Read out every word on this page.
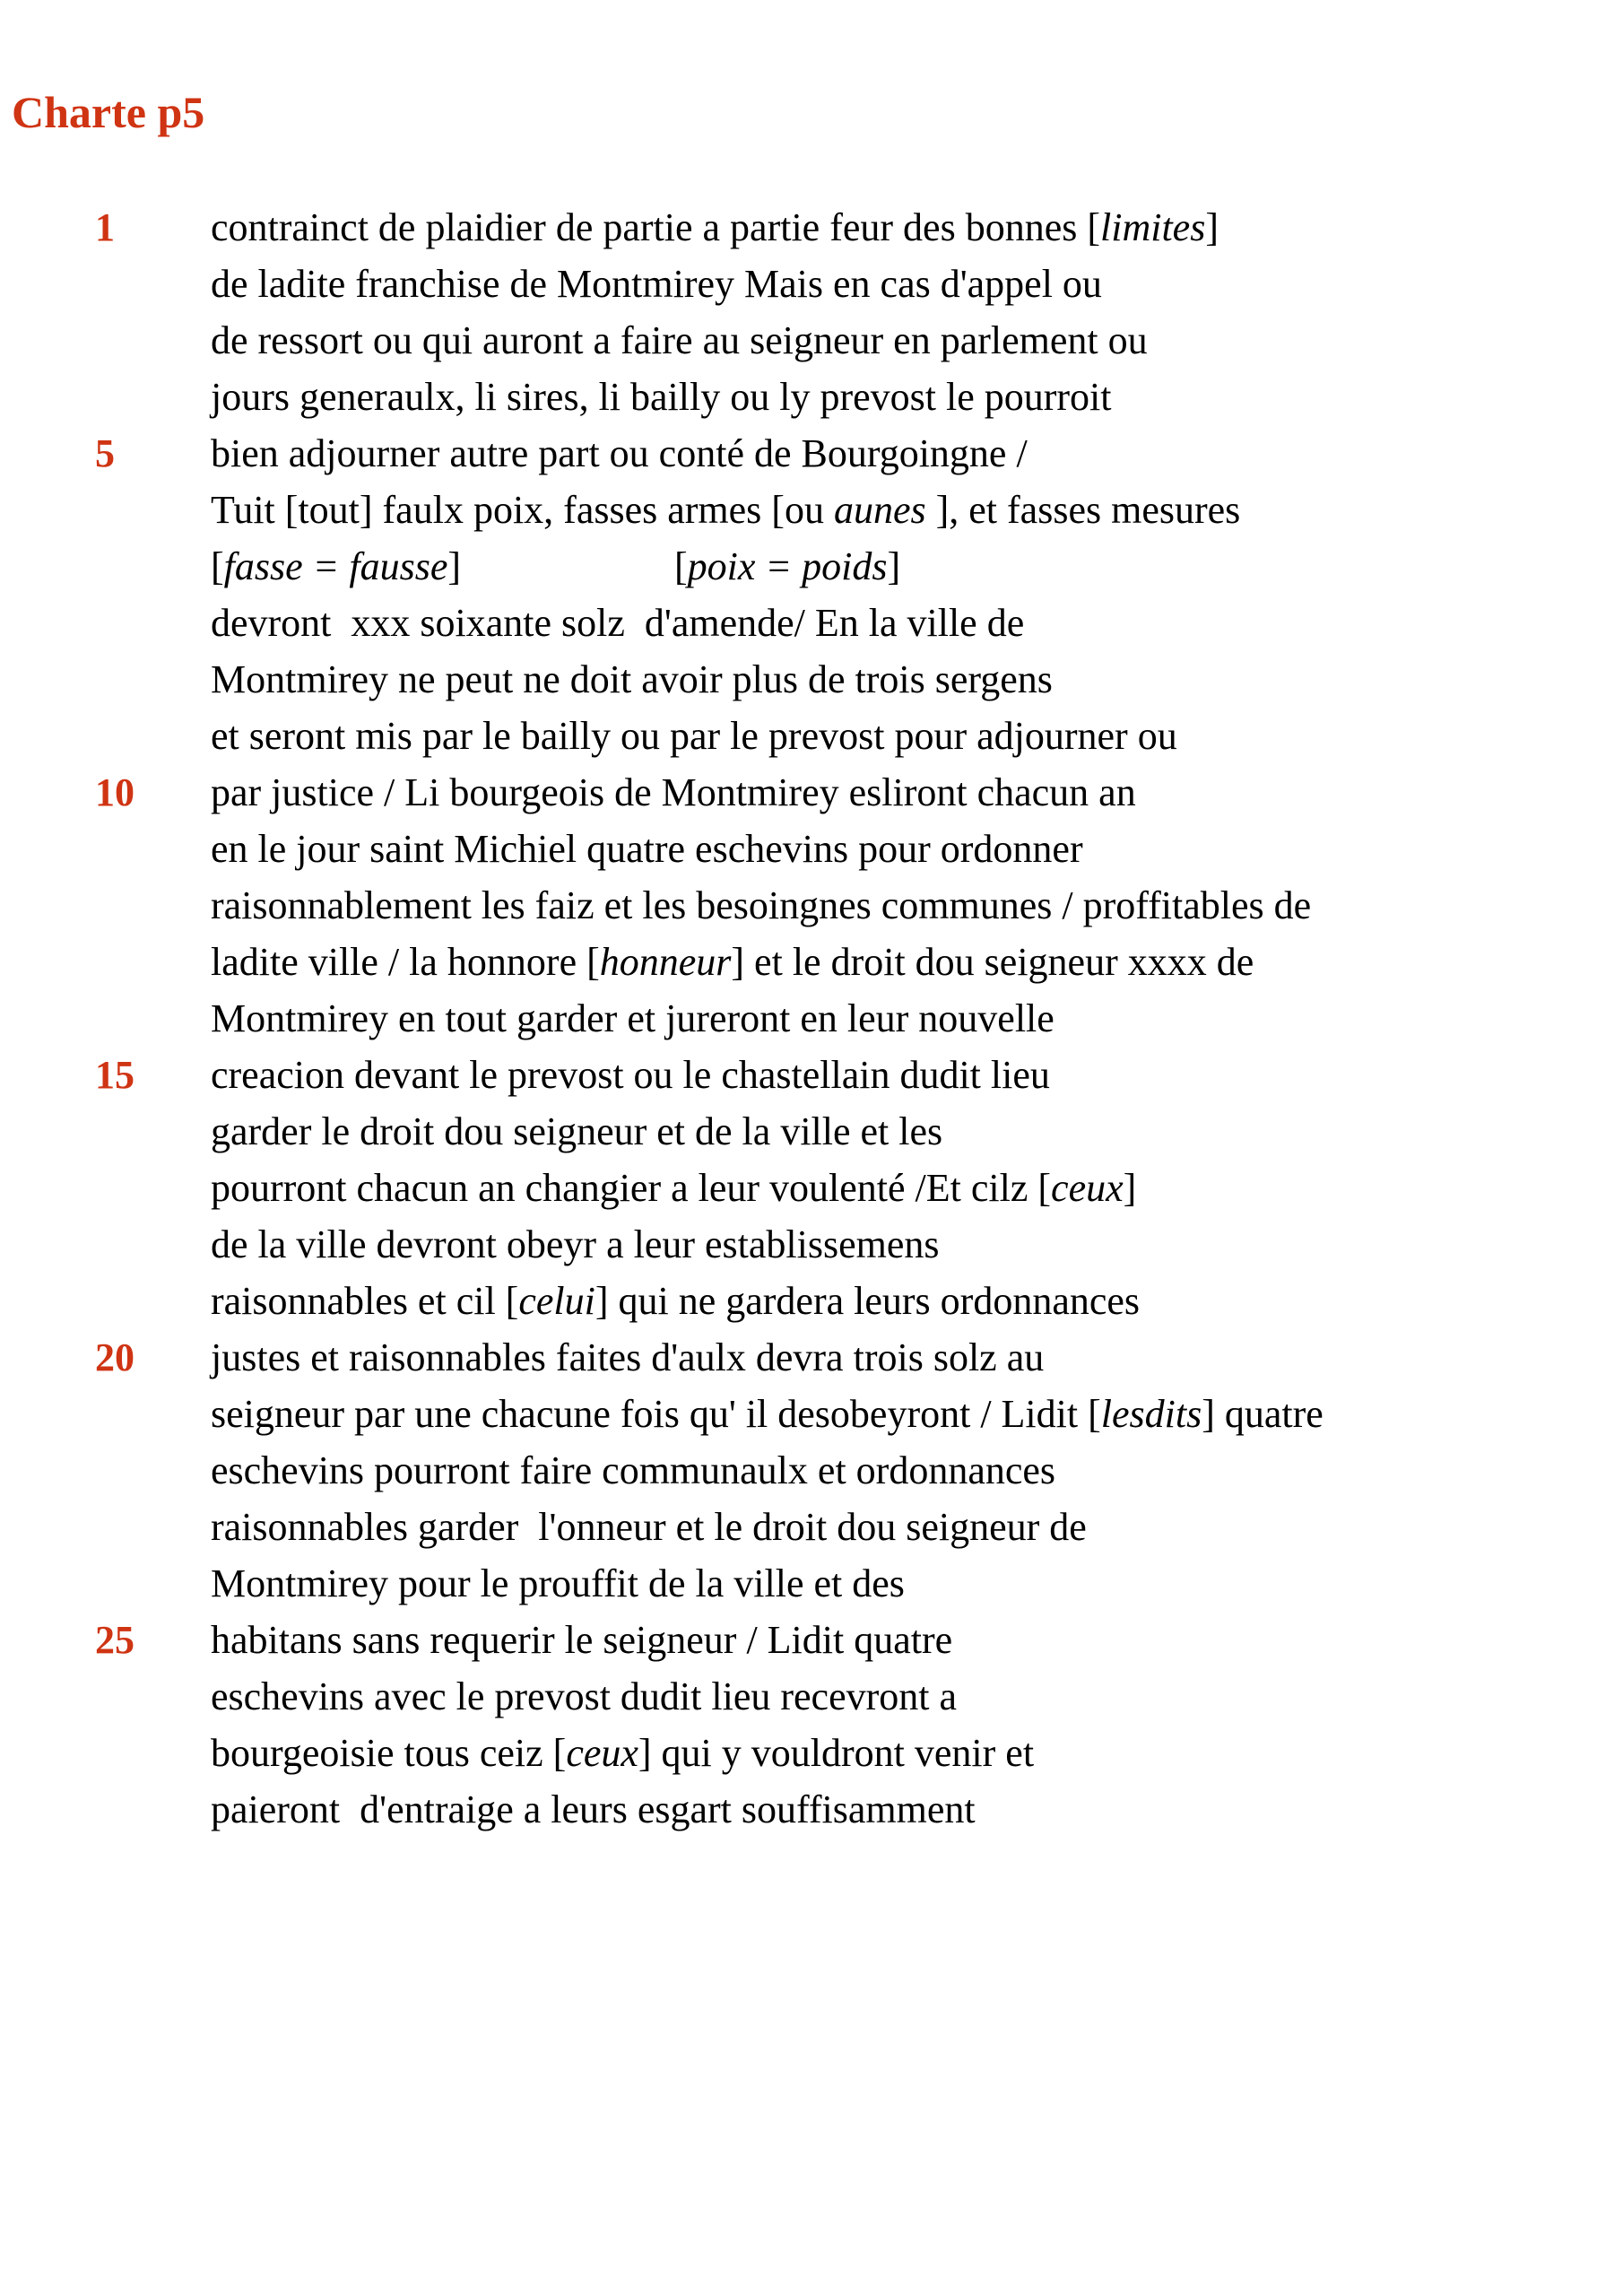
Charte p5
1	contrainct de plaidier de partie a partie feur des bonnes [limites]
de ladite franchise de Montmirey Mais en cas d'appel ou
de ressort ou qui auront a faire au seigneur en parlement ou
jours generaulx, li sires, li bailly ou ly prevost le pourroit
5	bien adjourner autre part ou conté de Bourgoingne /
Tuit [tout] faulx poix, fasses armes [ou aunes ], et fasses mesures
[fasse = fausse]	[poix = poids]
devront  xxx soixante solz  d'amende/ En la ville de
Montmirey ne peut ne doit avoir plus de trois sergens
et seront mis par le bailly ou par le prevost pour adjourner ou
10	par justice / Li bourgeois de Montmirey esliront chacun an
en le jour saint Michiel quatre eschevins pour ordonner
raisonnablement les faiz et les besoingnes communes / proffitables de
ladite ville / la honnore [honneur] et le droit dou seigneur xxxx de
Montmirey en tout garder et jureront en leur nouvelle
15	creacion devant le prevost ou le chastellain dudit lieu
garder le droit dou seigneur et de la ville et les
pourront chacun an changier a leur voulenté /Et cilz [ceux]
de la ville devront obeyr a leur establissemens
raisonnables et cil [celui] qui ne gardera leurs ordonnances
20	justes et raisonnables faites d'aulx devra trois solz au
seigneur par une chacune fois qu' il desobeyront / Lidit [lesdits] quatre
eschevins pourront faire communaulx et ordonnances
raisonnables garder  l'onneur et le droit dou seigneur de
Montmirey pour le prouffit de la ville et des
25	habitans sans requerir le seigneur / Lidit quatre
eschevins avec le prevost dudit lieu recevront a
bourgeoisie tous ceiz [ceux] qui y vouldront venir et
paieront  d'entraige a leurs esgart souffisamment
